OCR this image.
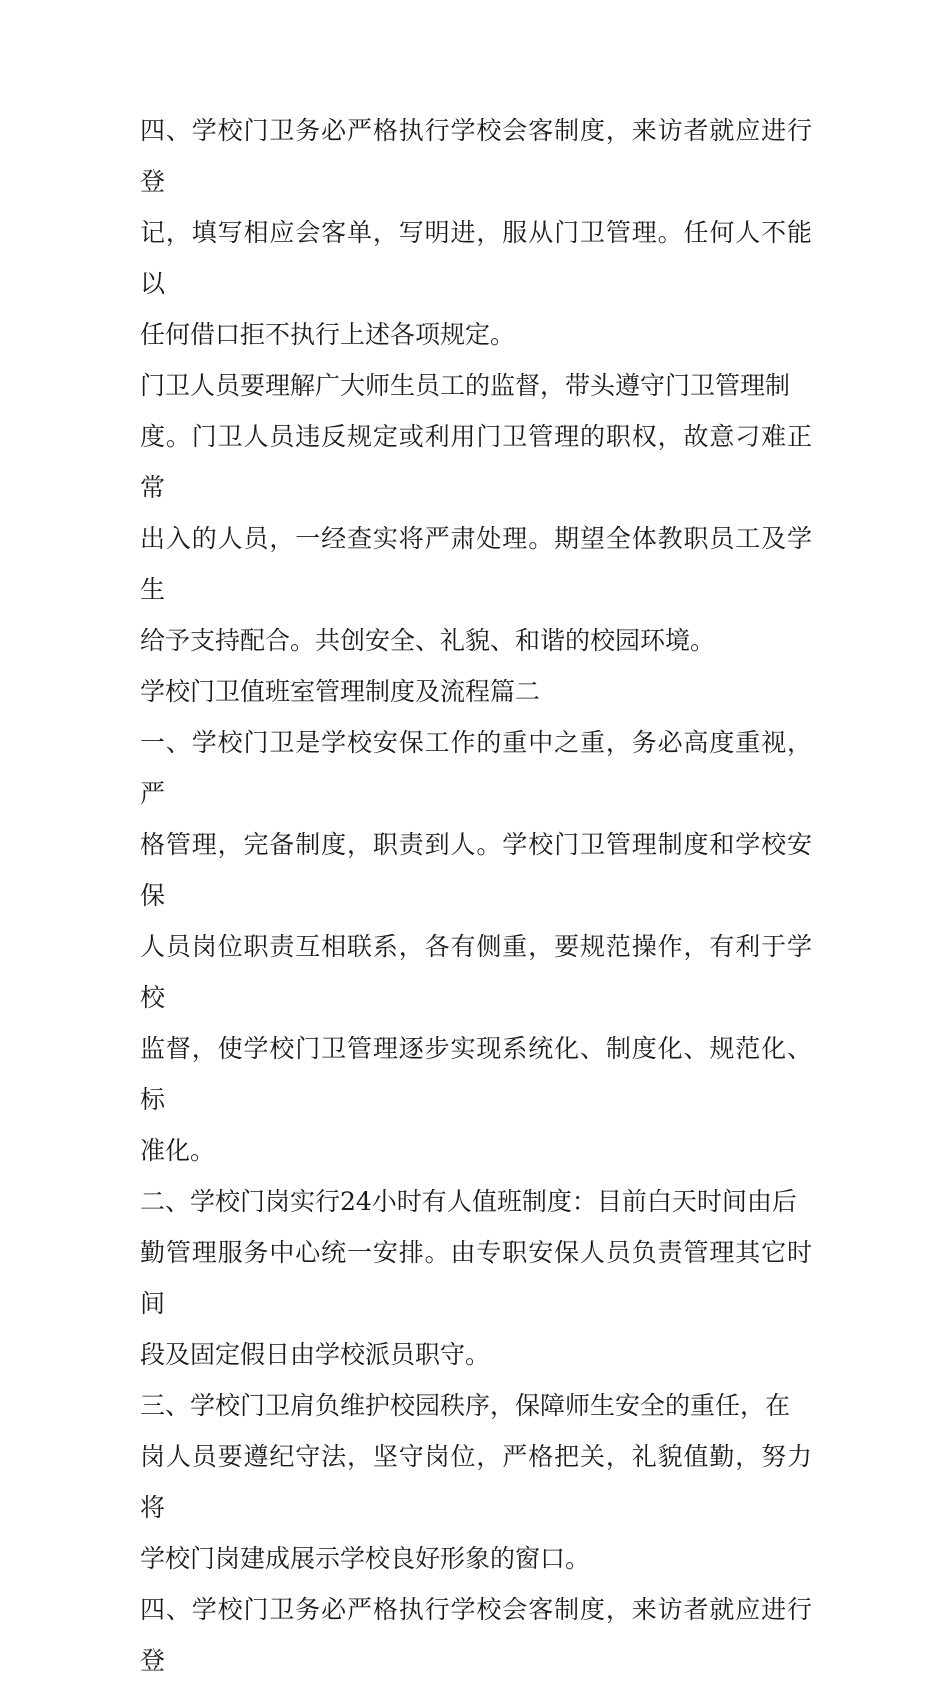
四、学校门卫务必严格执行学校会客制度，来访者就应进行登
记，填写相应会客单，写明进，服从门卫管理。任何人不能以
任何借口拒不执行上述各项规定。
门卫人员要理解广大师生员工的监督，带头遵守门卫管理制
度。门卫人员违反规定或利用门卫管理的职权，故意刁难正常
出入的人员，一经查实将严肃处理。期望全体教职员工及学生
给予支持配合。共创安全、礼貌、和谐的校园环境。
学校门卫值班室管理制度及流程篇二
一、学校门卫是学校安保工作的重中之重，务必高度重视，严
格管理，完备制度，职责到人。学校门卫管理制度和学校安保
人员岗位职责互相联系，各有侧重，要规范操作，有利于学校
监督，使学校门卫管理逐步实现系统化、制度化、规范化、标
准化。
二、学校门岗实行24小时有人值班制度：目前白天时间由后
勤管理服务中心统一安排。由专职安保人员负责管理其它时间
段及固定假日由学校派员职守。
三、学校门卫肩负维护校园秩序，保障师生安全的重任，在
岗人员要遵纪守法，坚守岗位，严格把关，礼貌值勤，努力将
学校门岗建成展示学校良好形象的窗口。
四、学校门卫务必严格执行学校会客制度，来访者就应进行登
